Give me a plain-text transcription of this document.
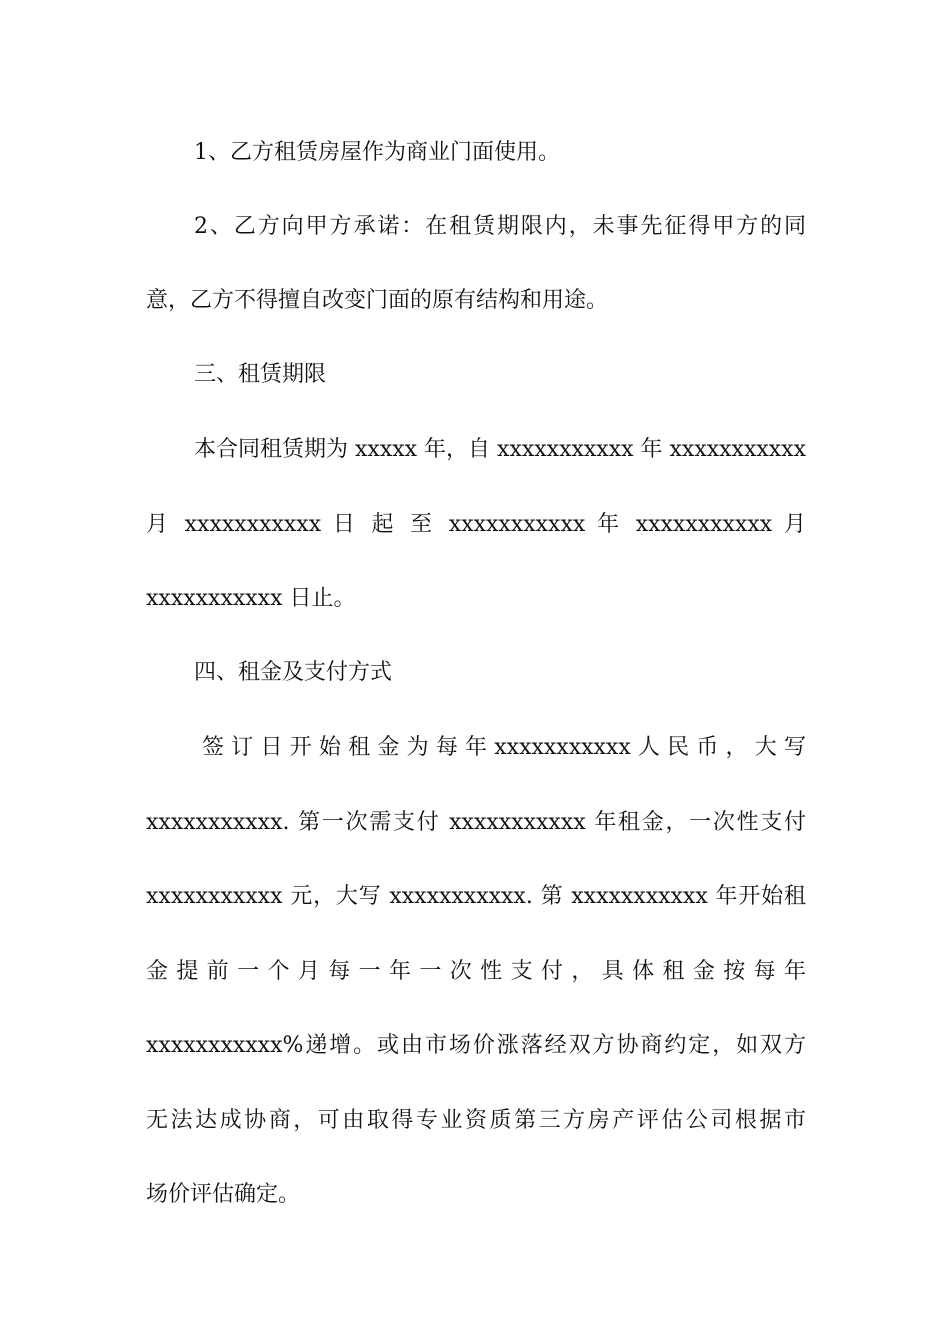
1、乙方租赁房屋作为商业门面使用。
2、乙方向甲方承诺：在租赁期限内，未事先征得甲方的同
意，乙方不得擅自改变门面的原有结构和用途。
三、租赁期限
本合同租赁期为 xxxxx 年，自 xxxxxxxxxxx 年 xxxxxxxxxxx
月 xxxxxxxxxxx 日 起 至 xxxxxxxxxxx 年 xxxxxxxxxxx 月
xxxxxxxxxxx 日止。
四、租金及支付方式
签 订 日 开 始 租 金 为 每 年 xxxxxxxxxxx 人 民 币 ， 大 写
xxxxxxxxxxx. 第一次需支付 xxxxxxxxxxx 年租金，一次性支付
xxxxxxxxxxx 元，大写 xxxxxxxxxxx. 第 xxxxxxxxxxx 年开始租
金 提 前 一 个 月 每 一 年 一 次 性 支 付 ， 具 体 租 金 按 每 年
xxxxxxxxxxx%递增。或由市场价涨落经双方协商约定，如双方
无法达成协商，可由取得专业资质第三方房产评估公司根据市
场价评估确定。
